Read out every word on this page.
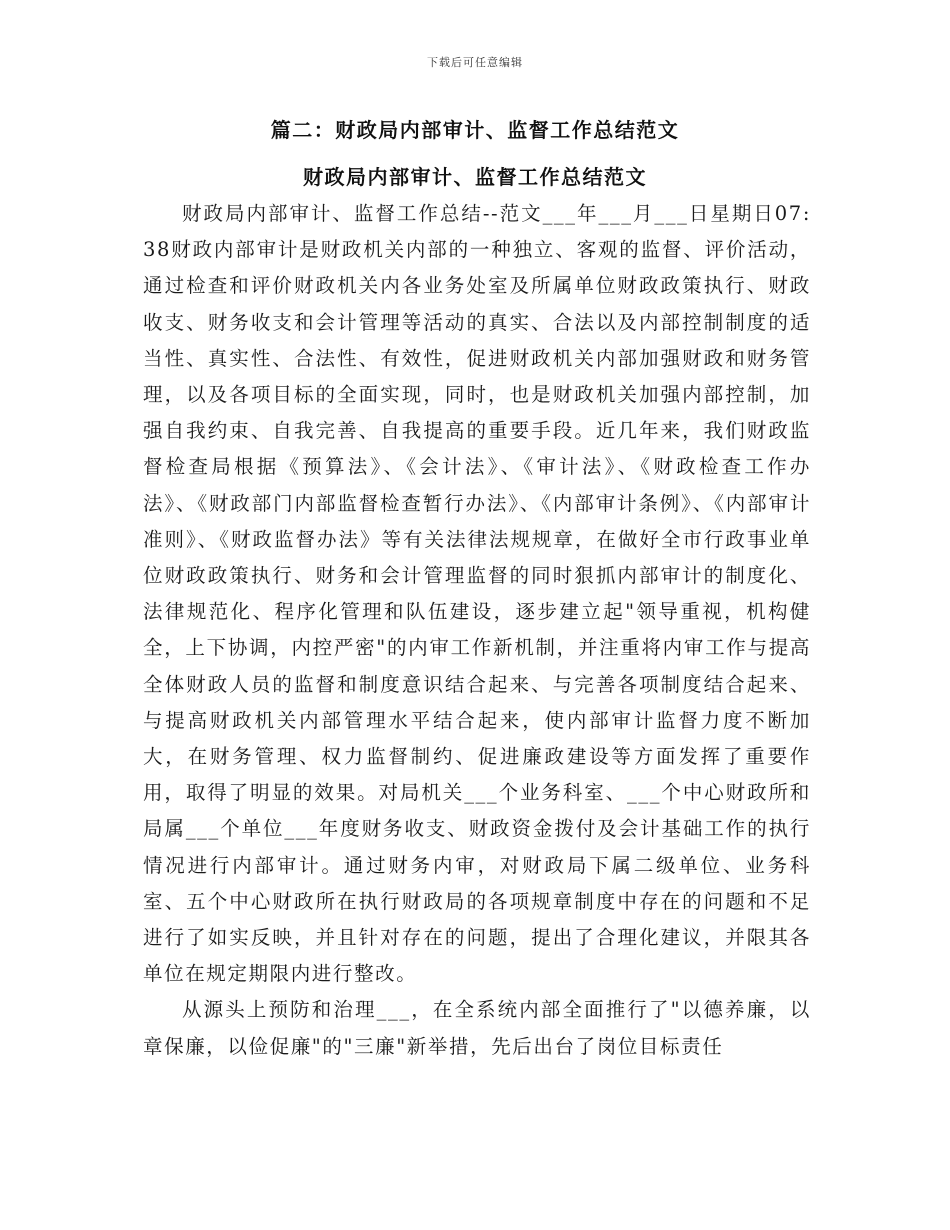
下载后可任意编辑
篇二：财政局内部审计、监督工作总结范文
财政局内部审计、监督工作总结范文

财政局内部审计、监督工作总结--范文___年___月___日星期日07:38财政内部审计是财政机关内部的一种独立、客观的监督、评价活动，通过检查和评价财政机关内各业务处室及所属单位财政政策执行、财政收支、财务收支和会计管理等活动的真实、合法以及内部控制制度的适当性、真实性、合法性、有效性，促进财政机关内部加强财政和财务管理，以及各项目标的全面实现，同时，也是财政机关加强内部控制，加强自我约束、自我完善、自我提高的重要手段。近几年来，我们财政监督检查局根据《预算法》、《会计法》、《审计法》、《财政检查工作办法》、《财政部门内部监督检查暂行办法》、《内部审计条例》、《内部审计准则》、《财政监督办法》等有关法律法规规章，在做好全市行政事业单位财政政策执行、财务和会计管理监督的同时狠抓内部审计的制度化、法律规范化、程序化管理和队伍建设，逐步建立起"领导重视，机构健全，上下协调，内控严密"的内审工作新机制，并注重将内审工作与提高全体财政人员的监督和制度意识结合起来、与完善各项制度结合起来、与提高财政机关内部管理水平结合起来，使内部审计监督力度不断加大，在财务管理、权力监督制约、促进廉政建设等方面发挥了重要作用，取得了明显的效果。对局机关___个业务科室、___个中心财政所和局属___个单位___年度财务收支、财政资金拨付及会计基础工作的执行情况进行内部审计。通过财务内审，对财政局下属二级单位、业务科室、五个中心财政所在执行财政局的各项规章制度中存在的问题和不足进行了如实反映，并且针对存在的问题，提出了合理化建议，并限其各单位在规定期限内进行整改。

从源头上预防和治理___，在全系统内部全面推行了"以德养廉，以章保廉，以俭促廉"的"三廉"新举措，先后出台了岗位目标责任
